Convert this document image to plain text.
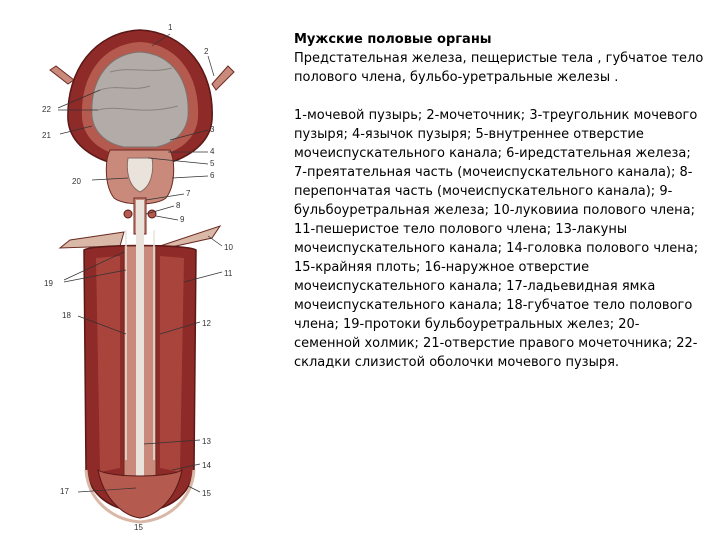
1
2
22
21
3
4
5
6
20
7
8
9
10
11
19
18
12
13
14
17	15
15
Мужские половые органы

Предстательная железа, пещеристые тела , губчатое тело полового члена, бульбо-уретральные железы .

1-мочевой пузырь; 2-мочеточник; 3-треугольник мочевого пузыря; 4-язычок пузыря; 5-внутреннее отверстие мочеиспускательного канала; 6-иредстательная железа; 7-преятательная часть (мочеиспускательного канала); 8-перепончатая часть (мочеиспускательного канала); 9-бульбоуретральная железа; 10-луковииа полового члена; 11-пешеристое тело полового члена; 13-лакуны мочеиспускательного канала; 14-головка полового члена; 15-крайняя плоть; 16-наружное отверстие мочеиспускательного канала; 17-ладьевидная ямка мочеиспускательного канала; 18-губчатое тело полового члена; 19-протоки бульбоуретральных желез; 20-семенной холмик; 21-отверстие правого мочеточника; 22-складки слизистой оболочки мочевого пузыря.
